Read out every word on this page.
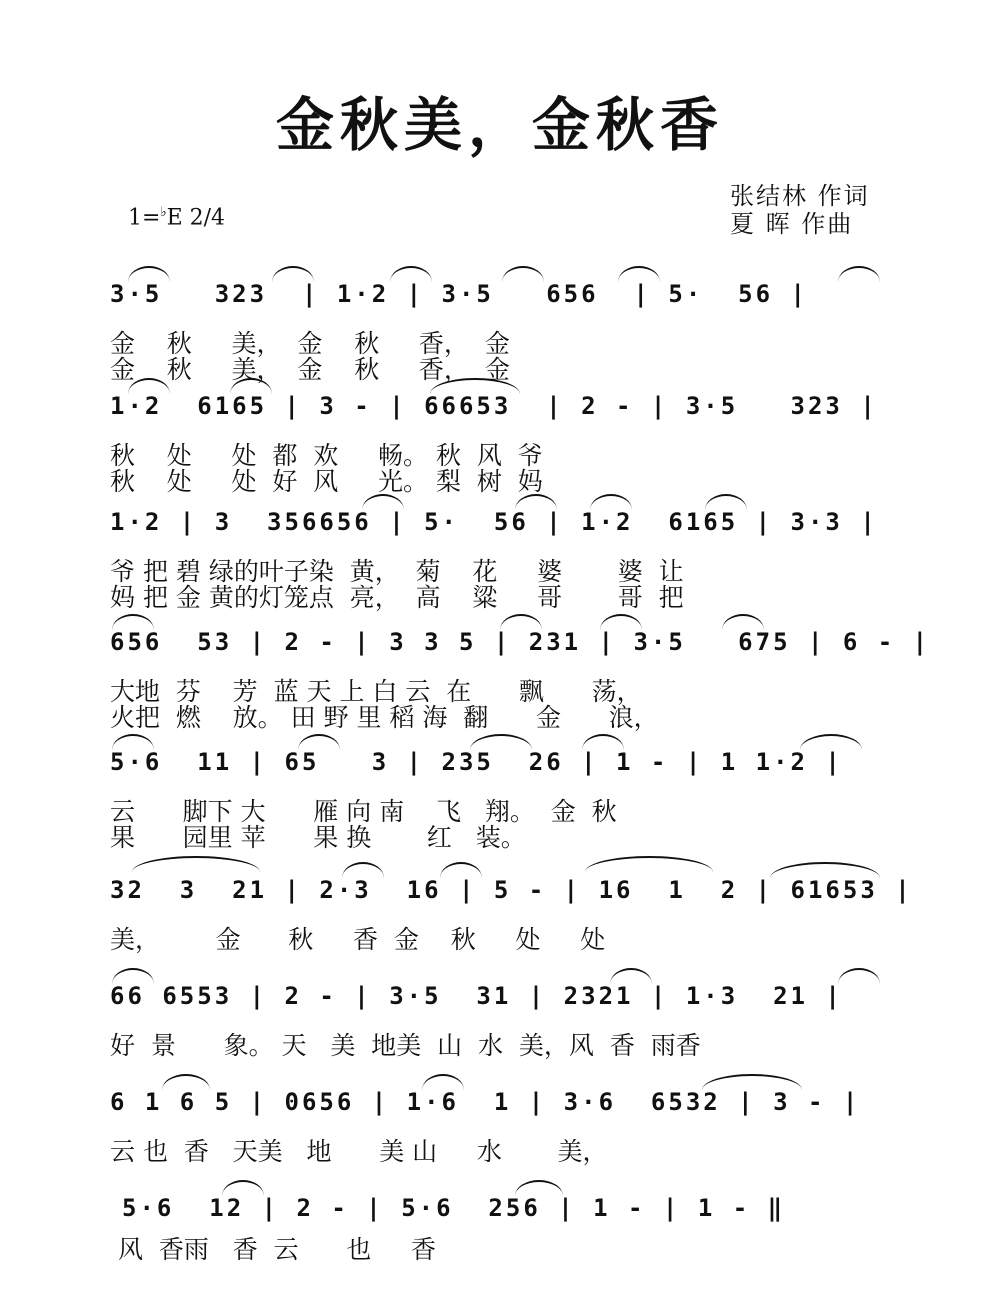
金秋美，金秋香
1=♭E 2/4
张结林 作词
夏 晖 作曲
3·5   323  | 1·2 | 3·5   656  | 5·  56 |
金    秋     美，  金    秋     香，  金
金    秋     美，  金    秋     香，  金
1·2  6165 | 3 - | 66653  | 2 - | 3·5   323 |
秋    处     处  都  欢     畅。 秋  风  爷
秋    处     处  好  风     光。 梨  树  妈
1·2 | 3  356656 | 5·  56 | 1·2  6165 | 3·3 |
爷 把 碧 绿的叶子染  黄，  菊    花     婆       婆  让
妈 把 金 黄的灯笼点  亮，  高    粱     哥       哥  把
656  53 | 2 - | 3 3 5 | 231 | 3·5   675 | 6 - |
大地  芬    芳  蓝 天 上 白 云  在      飘      荡，
火把  燃    放。 田 野 里 稻 海  翻      金      浪，
5·6  11 | 65   3 | 235  26 | 1 - | 1 1·2 |
云      脚下 大      雁 向 南    飞   翔。  金  秋
果      园里 苹      果 换       红   装。
32  3  21 | 2·3  16 | 5 - | 16  1  2 | 61653 |
美，       金      秋     香  金    秋     处     处
66 6553 | 2 - | 3·5  31 | 2321 | 1·3  21 |
好  景      象。 天   美  地美  山  水  美，风  香  雨香
6 1 6 5 | 0656 | 1·6  1 | 3·6  6532 | 3 - |
云 也  香   天美   地      美 山     水       美，
5·6  12 | 2 - | 5·6  256 | 1 - | 1 - ‖
风  香雨   香  云      也     香
